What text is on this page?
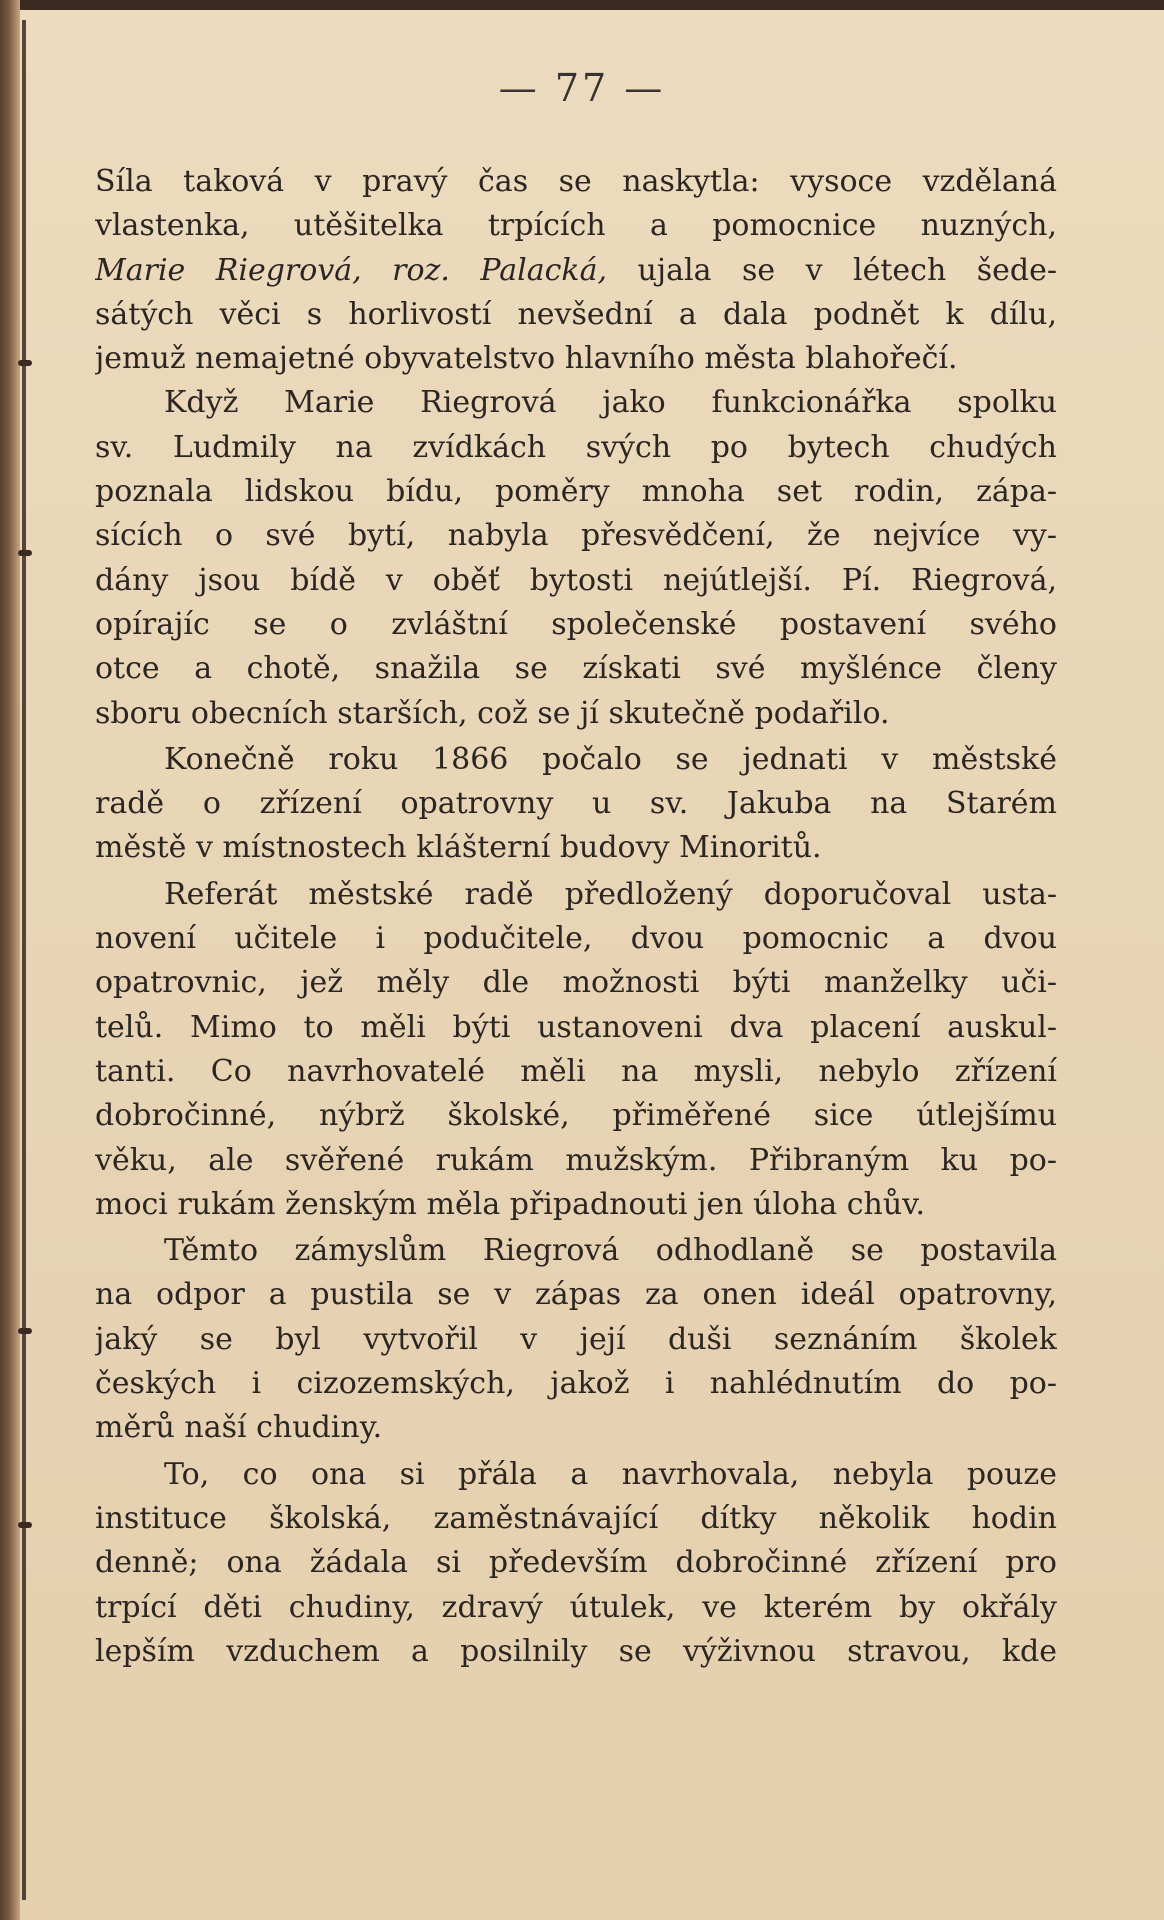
— 77 —
Síla taková v pravý čas se naskytla: vysoce vzdělaná
vlastenka, utěšitelka trpících a pomocnice nuzných,
Marie Riegrová, roz. Palacká, ujala se v létech šede-
sátých věci s horlivostí nevšední a dala podnět k dílu,
jemuž nemajetné obyvatelstvo hlavního města blahořečí.
Když Marie Riegrová jako funkcionářka spolku
sv. Ludmily na zvídkách svých po bytech chudých
poznala lidskou bídu, poměry mnoha set rodin, zápa-
sících o své bytí, nabyla přesvědčení, že nejvíce vy-
dány jsou bídě v oběť bytosti nejútlejší. Pí. Riegrová,
opírajíc se o zvláštní společenské postavení svého
otce a chotě, snažila se získati své myšlénce členy
sboru obecních starších, což se jí skutečně podařilo.
Konečně roku 1866 počalo se jednati v městské
radě o zřízení opatrovny u sv. Jakuba na Starém
městě v místnostech klášterní budovy Minoritů.
Referát městské radě předložený doporučoval usta-
novení učitele i podučitele, dvou pomocnic a dvou
opatrovnic, jež měly dle možnosti býti manželky uči-
telů. Mimo to měli býti ustanoveni dva placení auskul-
tanti. Co navrhovatelé měli na mysli, nebylo zřízení
dobročinné, nýbrž školské, přiměřené sice útlejšímu
věku, ale svěřené rukám mužským. Přibraným ku po-
moci rukám ženským měla připadnouti jen úloha chův.
Těmto zámyslům Riegrová odhodlaně se postavila
na odpor a pustila se v zápas za onen ideál opatrovny,
jaký se byl vytvořil v její duši seznáním školek
českých i cizozemských, jakož i nahlédnutím do po-
měrů naší chudiny.
To, co ona si přála a navrhovala, nebyla pouze
instituce školská, zaměstnávající dítky několik hodin
denně; ona žádala si především dobročinné zřízení pro
trpící děti chudiny, zdravý útulek, ve kterém by okřály
lepším vzduchem a posilnily se výživnou stravou, kde
